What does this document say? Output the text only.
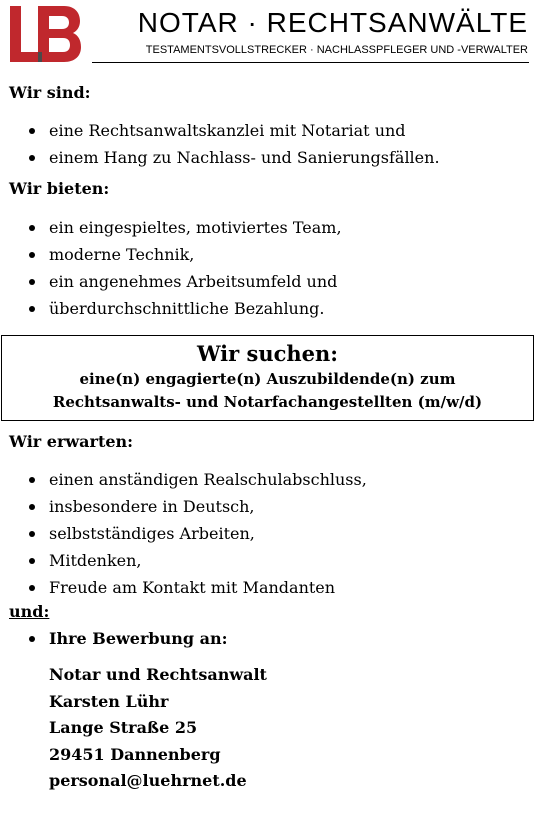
NOTAR · RECHTSANWÄLTE
TESTAMENTSVOLLSTRECKER · NACHLASSPFLEGER UND -VERWALTER
Wir sind:
eine Rechtsanwaltskanzlei mit Notariat und
einem Hang zu Nachlass- und Sanierungsfällen.
Wir bieten:
ein eingespieltes, motiviertes Team,
moderne Technik,
ein angenehmes Arbeitsumfeld und
überdurchschnittliche Bezahlung.
Wir suchen:
eine(n) engagierte(n) Auszubildende(n) zum
Rechtsanwalts- und Notarfachangestellten (m/w/d)
Wir erwarten:
einen anständigen Realschulabschluss,
insbesondere in Deutsch,
selbstständiges Arbeiten,
Mitdenken,
Freude am Kontakt mit Mandanten
und:
Ihre Bewerbung an:
Notar und Rechtsanwalt
Karsten Lühr
Lange Straße 25
29451 Dannenberg
personal@luehrnet.de
